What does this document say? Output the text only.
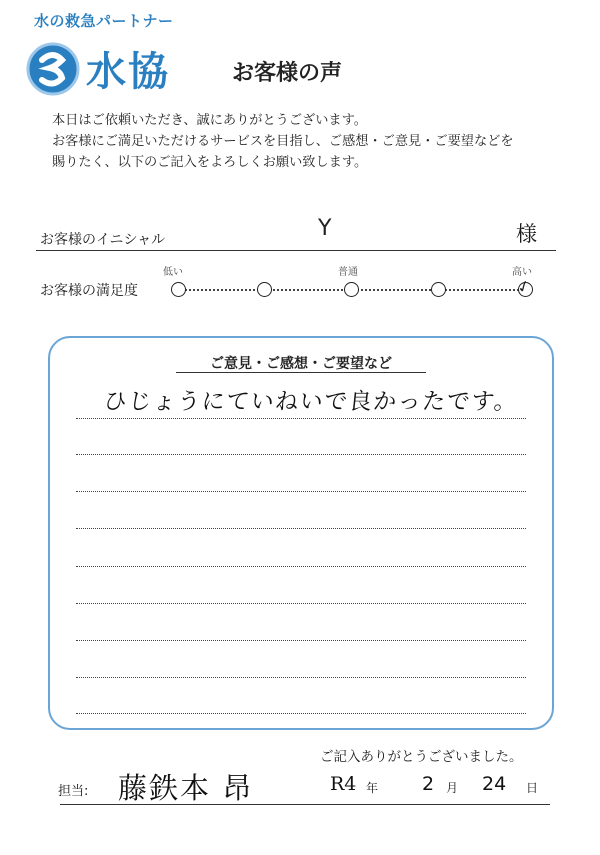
水の救急パートナー
水協	お客様の声

本日はご依頼いただき、誠にありがとうございます。

お客様にご満足いただけるサービスを目指し、ご感想・ご意見・ご要望などを

賜りたく、以下のご記入をよろしくお願い致します。

お客様のイニシャル	Y	様
お客様の満足度
低い	普通	高い
✓
ご意見・ご感想・ご要望など
ひじょうにていねいで良かったです。
ご記入ありがとうございました。
担当: 藤鉄本 昂	R4 年 2 月 24 日
